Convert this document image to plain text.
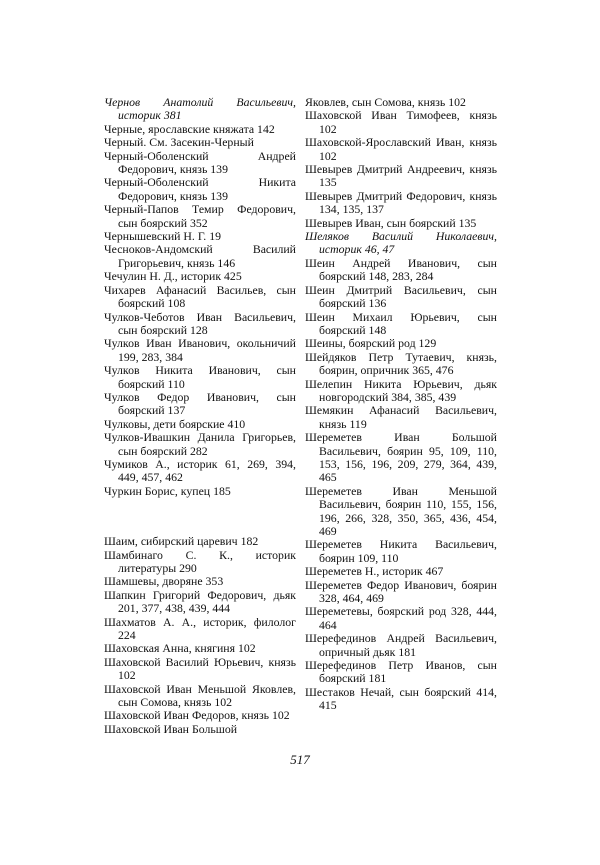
Чернов Анатолий Васильевич, историк 381

Черные, ярославские княжата 142

Черный. См. Засекин-Черный

Черный-Оболенский Андрей Федорович, князь 139

Черный-Оболенский Никита Федорович, князь 139

Черный-Папов Темир Федорович, сын боярский 352

Чернышевский Н. Г. 19

Чесноков-Андомский Василий Григорьевич, князь 146

Чечулин Н. Д., историк 425

Чихарев Афанасий Васильев, сын боярский 108

Чулков-Чеботов Иван Васильевич, сын боярский 128

Чулков Иван Иванович, окольничий 199, 283, 384

Чулков Никита Иванович, сын боярский 110

Чулков Федор Иванович, сын боярский 137

Чулковы, дети боярские 410

Чулков-Ивашкин Данила Григорьев, сын боярский 282

Чумиков А., историк 61, 269, 394, 449, 457, 462

Чуркин Борис, купец 185

Шаим, сибирский царевич 182

Шамбинаго С. К., историк литературы 290

Шамшевы, дворяне 353

Шапкин Григорий Федорович, дьяк 201, 377, 438, 439, 444

Шахматов А. А., историк, филолог 224

Шаховская Анна, княгиня 102

Шаховской Василий Юрьевич, князь 102

Шаховской Иван Меньшой Яковлев, сын Сомова, князь 102

Шаховской Иван Федоров, князь 102

Шаховской Иван Большой

Яковлев, сын Сомова, князь 102

Шаховской Иван Тимофеев, князь 102

Шаховской-Ярославский Иван, князь 102

Шевырев Дмитрий Андреевич, князь 135

Шевырев Дмитрий Федорович, князь 134, 135, 137

Шевырев Иван, сын боярский 135

Шеляков Василий Николаевич, историк 46, 47

Шеин Андрей Иванович, сын боярский 148, 283, 284

Шеин Дмитрий Васильевич, сын боярский 136

Шеин Михаил Юрьевич, сын боярский 148

Шеины, боярский род 129

Шейдяков Петр Тутаевич, князь, боярин, опричник 365, 476

Шелепин Никита Юрьевич, дьяк новгородский 384, 385, 439

Шемякин Афанасий Васильевич, князь 119

Шереметев Иван Большой Васильевич, боярин 95, 109, 110, 153, 156, 196, 209, 279, 364, 439, 465

Шереметев Иван Меньшой Васильевич, боярин 110, 155, 156, 196, 266, 328, 350, 365, 436, 454, 469

Шереметев Никита Васильевич, боярин 109, 110

Шереметев Н., историк 467

Шереметев Федор Иванович, боярин 328, 464, 469

Шереметевы, боярский род 328, 444, 464

Шерефединов Андрей Васильевич, опричный дьяк 181

Шерефединов Петр Иванов, сын боярский 181

Шестаков Нечай, сын боярский 414, 415

517
